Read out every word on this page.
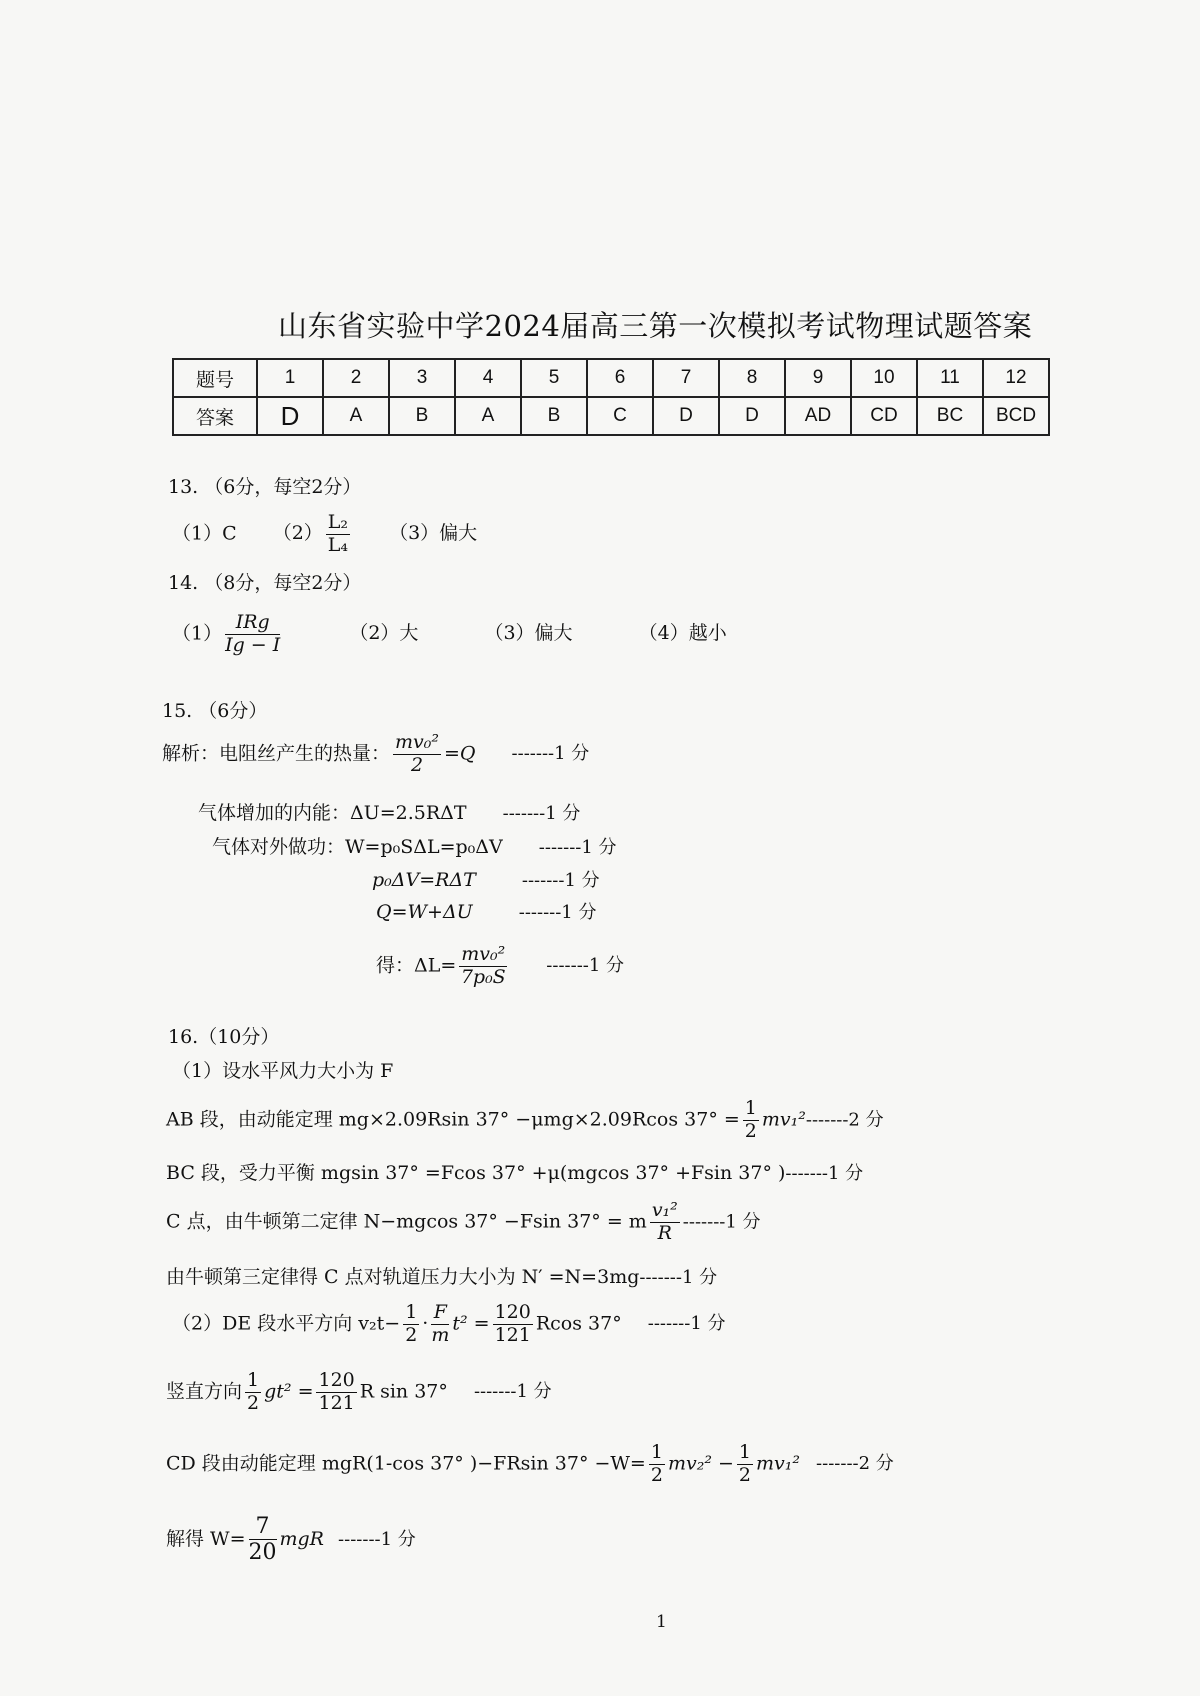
山东省实验中学2024届高三第一次模拟考试物理试题答案
题号	1	2	3	4	5	6	7	8	9	10	11	12
答案	D	A	B	A	B	C	D	D	AD	CD	BC	BCD
13. （6分，每空2分）
（1）C $(2) \frac{\text{L₂}}{\text{L₄}} (3)$偏大
14. （8分，每空2分）
$(1) \frac{\text{IRg}}{Ig - I}$	（2）大	（3）偏大	（4）越小
15. （6分）
解析：电阻丝产生的热量： $\frac{\text{mv₀²}}{2} =Q$ -------1 分
气体增加的内能：ΔU=2.5RΔT -------1 分
气体对外做功：W=p₀SΔL=p₀ΔV -------1 分
p₀ΔV=RΔT	-------1 分
Q=W+ΔU	-------1 分
得：$\Delta L= \frac{\text{mv₀²}}{\text{7p₀S}} -------1$ 分
16.（10分）
（1）设水平风力大小为 F
AB 段，由动能定理 mg×2.09Rsin 37° −μmg×2.09Rcos $37^\circ = \frac{1}{2} mv_1^2-------2$ 分
BC 段，受力平衡 mgsin 37° =Fcos 37° +μ(mgcos 37° +Fsin 37° )-------1 分
C 点，由牛顿第二定律 N−mgcos 37° −Fsin 37° = m $\frac{\text{v₁²}}{R} -------1$ 分
由牛顿第三定律得 C 点对轨道压力大小为 N′ =N=3mg-------1 分
（2）DE 段水平方向 $v_2t- \frac{1}{2} \cdot \frac{F}{m} t^2 = \frac{120}{121}$ Rcos 37° -------1 分
竖直方向 $\frac{1}{2} gt^2 = \frac{120}{121}$ R sin 37° -------1 分
CD 段由动能定理 mgR(1-cos 37° )−FRsin $37^\circ -W= \frac{1}{2} mv_2^2 - \frac{1}{2} mv_1^2$ -------2 分
解得 $W= \frac{7}{20}$ mgR -------1 分
1
